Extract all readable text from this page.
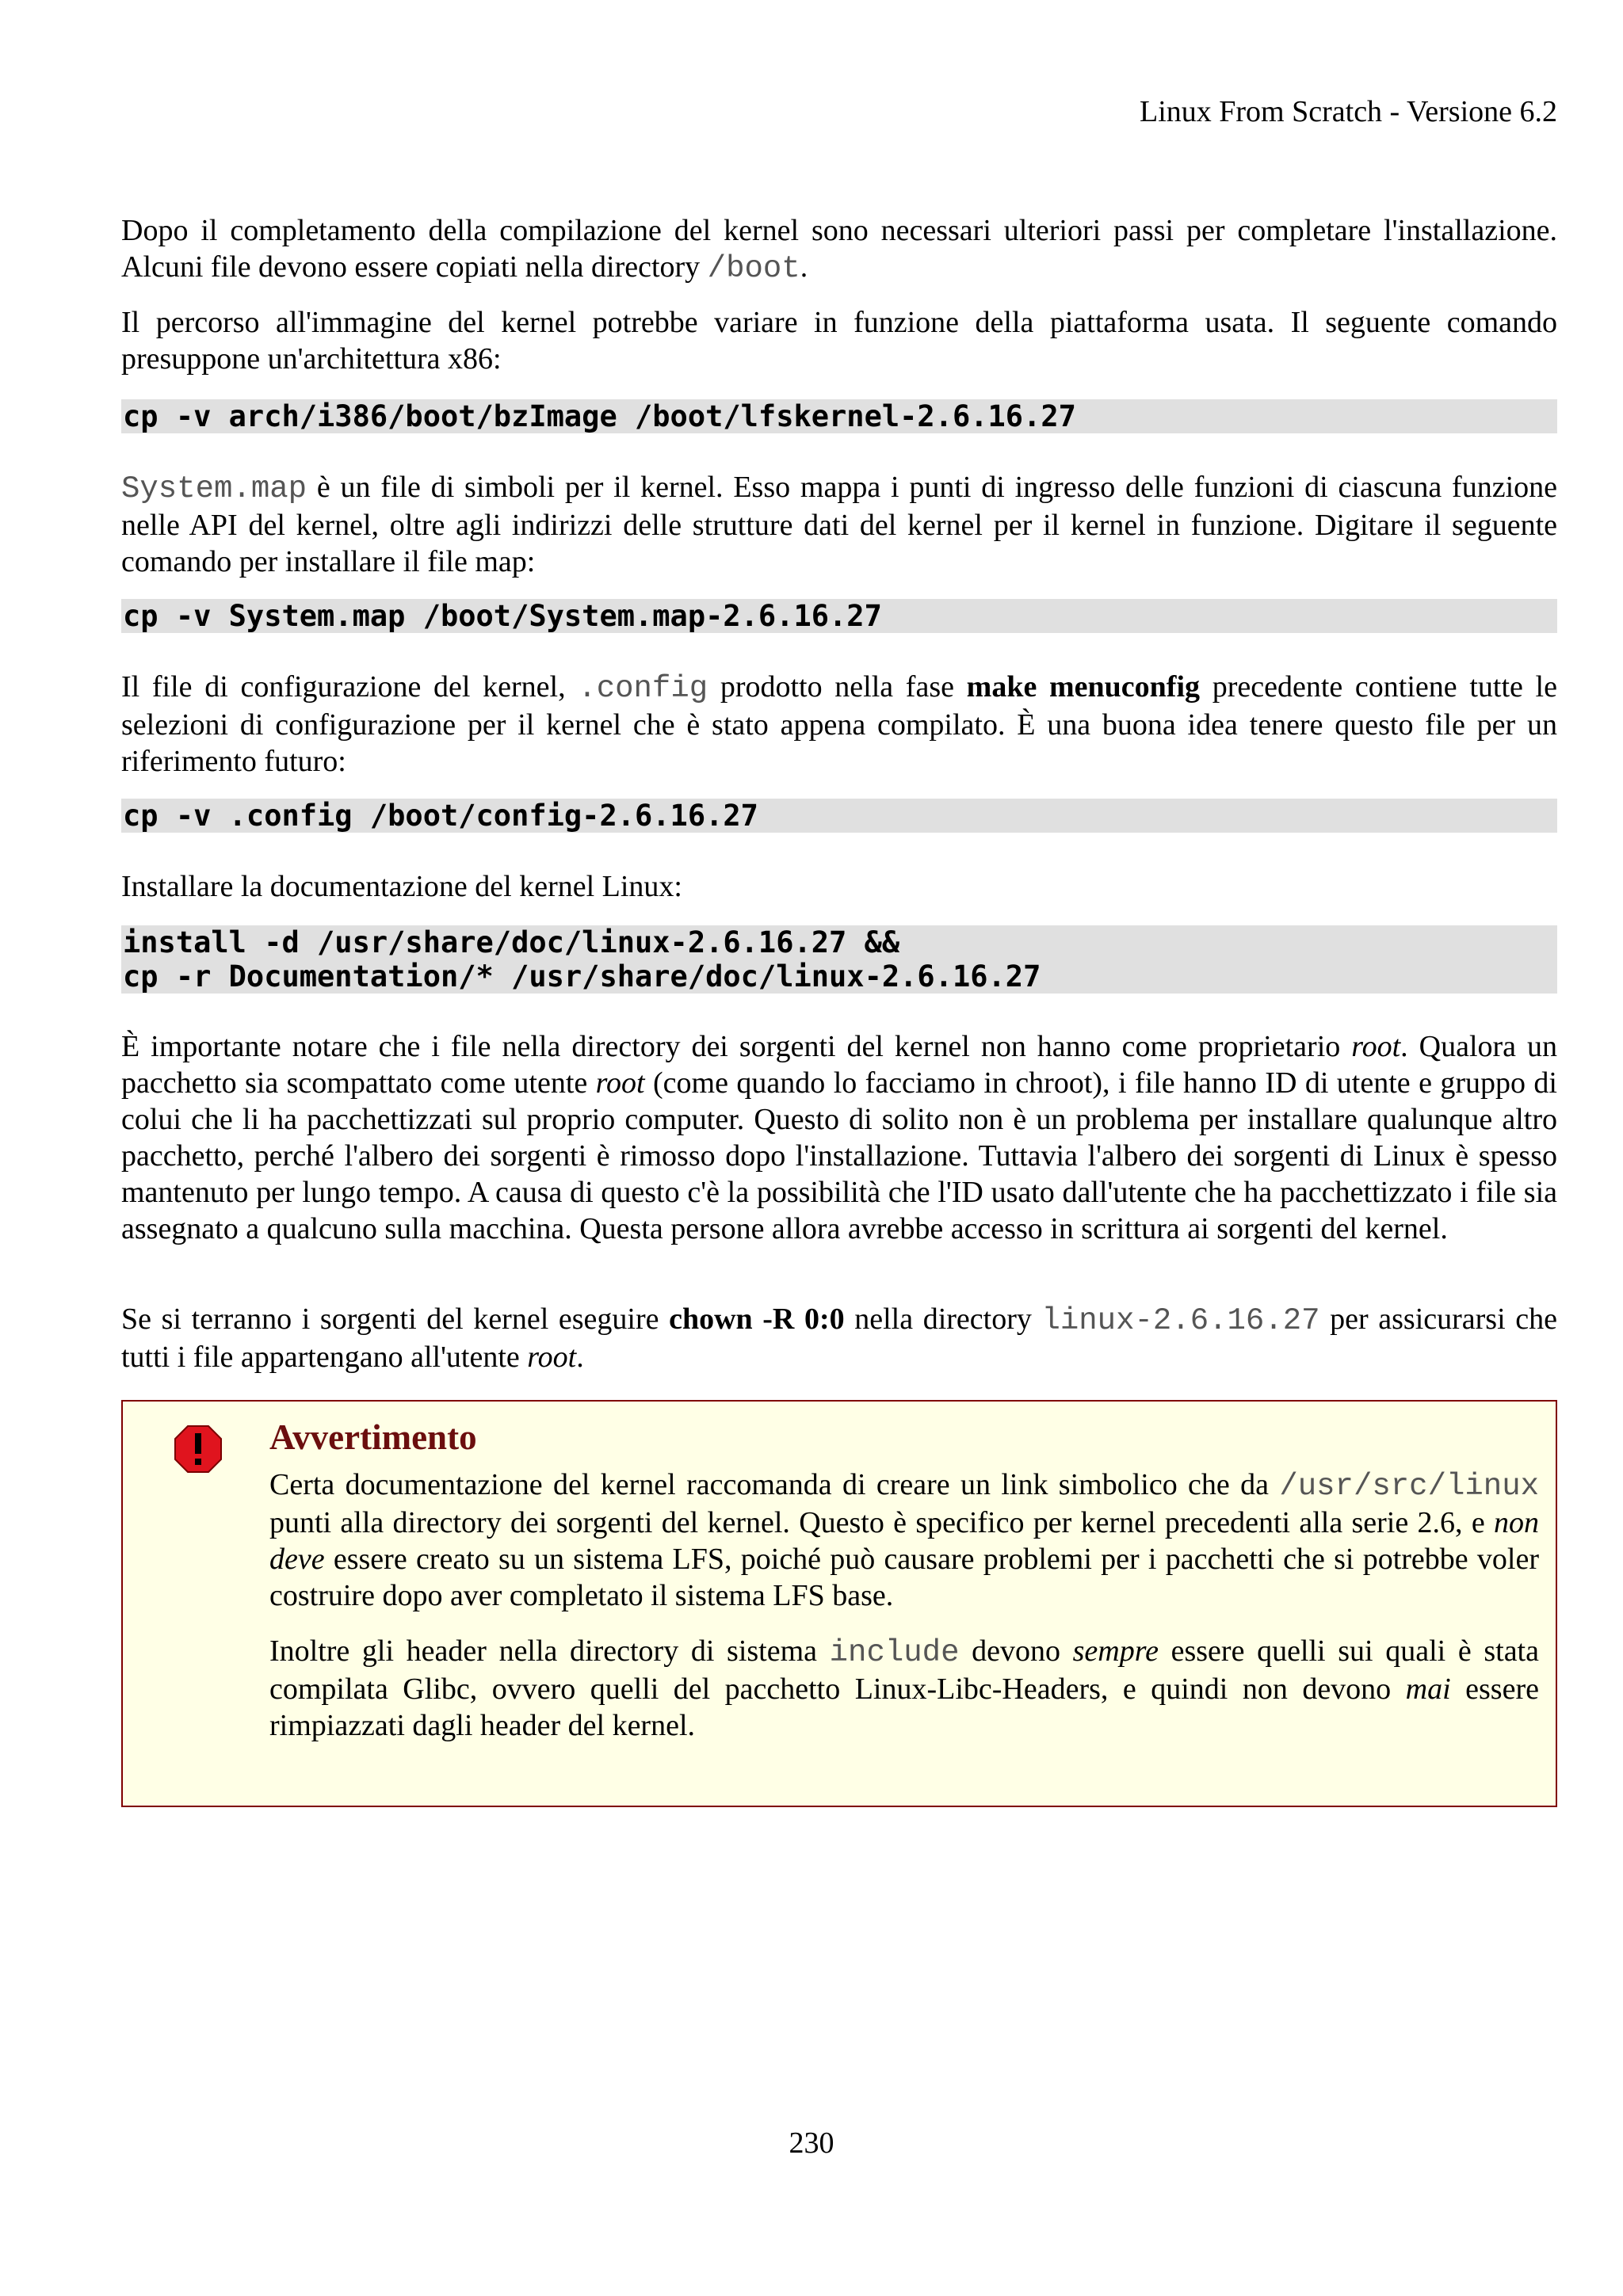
Linux From Scratch - Versione 6.2

Dopo il completamento della compilazione del kernel sono necessari ulteriori passi per completare l'installazione. Alcuni file devono essere copiati nella directory /boot.

Il percorso all'immagine del kernel potrebbe variare in funzione della piattaforma usata. Il seguente comando presuppone un'architettura x86:

cp -v arch/i386/boot/bzImage /boot/lfskernel-2.6.16.27

System.map è un file di simboli per il kernel. Esso mappa i punti di ingresso delle funzioni di ciascuna funzione nelle API del kernel, oltre agli indirizzi delle strutture dati del kernel per il kernel in funzione. Digitare il seguente comando per installare il file map:

cp -v System.map /boot/System.map-2.6.16.27

Il file di configurazione del kernel, .config prodotto nella fase make menuconfig precedente contiene tutte le selezioni di configurazione per il kernel che è stato appena compilato. È una buona idea tenere questo file per un riferimento futuro:

cp -v .config /boot/config-2.6.16.27

Installare la documentazione del kernel Linux:

install -d /usr/share/doc/linux-2.6.16.27 &&
cp -r Documentation/* /usr/share/doc/linux-2.6.16.27

È importante notare che i file nella directory dei sorgenti del kernel non hanno come proprietario root. Qualora un pacchetto sia scompattato come utente root (come quando lo facciamo in chroot), i file hanno ID di utente e gruppo di colui che li ha pacchettizzati sul proprio computer. Questo di solito non è un problema per installare qualunque altro pacchetto, perché l'albero dei sorgenti è rimosso dopo l'installazione. Tuttavia l'albero dei sorgenti di Linux è spesso mantenuto per lungo tempo. A causa di questo c'è la possibilità che l'ID usato dall'utente che ha pacchettizzato i file sia assegnato a qualcuno sulla macchina. Questa persone allora avrebbe accesso in scrittura ai sorgenti del kernel.

Se si terranno i sorgenti del kernel eseguire chown -R 0:0 nella directory linux-2.6.16.27 per assicurarsi che tutti i file appartengano all'utente root.

Avvertimento

Certa documentazione del kernel raccomanda di creare un link simbolico che da /usr/src/linux punti alla directory dei sorgenti del kernel. Questo è specifico per kernel precedenti alla serie 2.6, e non deve essere creato su un sistema LFS, poiché può causare problemi per i pacchetti che si potrebbe voler costruire dopo aver completato il sistema LFS base.

Inoltre gli header nella directory di sistema include devono sempre essere quelli sui quali è stata compilata Glibc, ovvero quelli del pacchetto Linux-Libc-Headers, e quindi non devono mai essere rimpiazzati dagli header del kernel.

230
